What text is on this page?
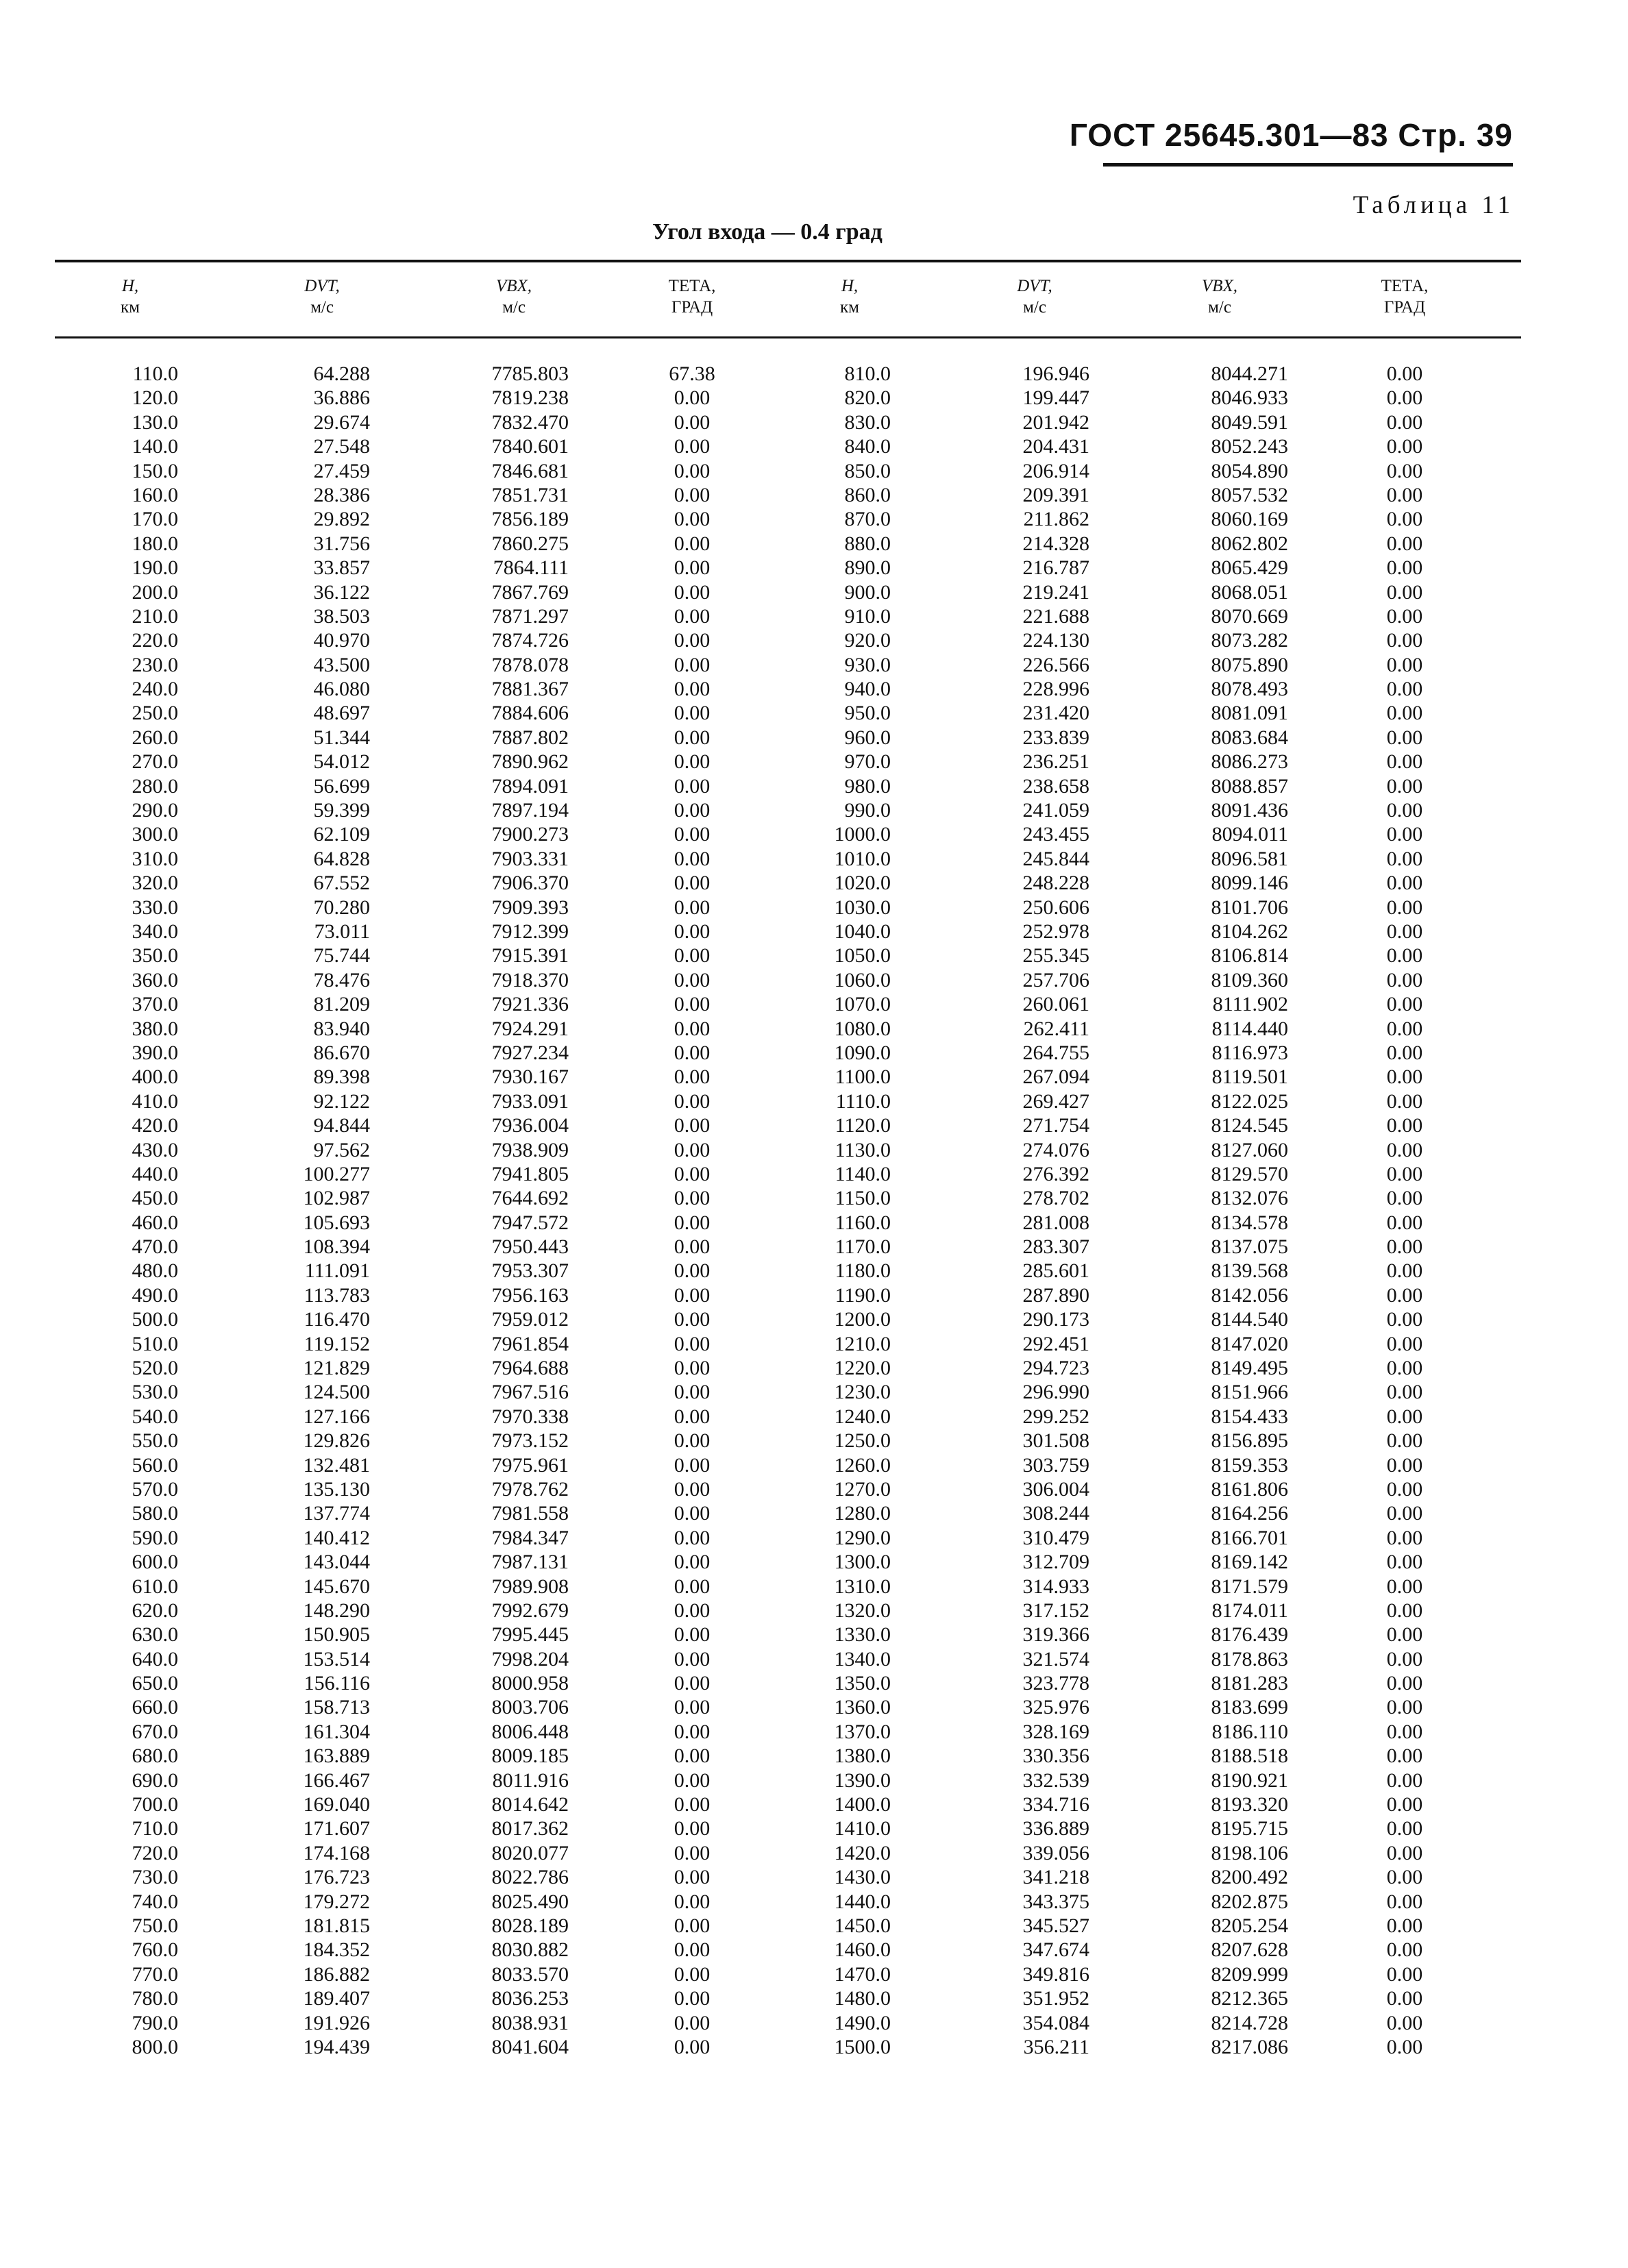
ГОСТ 25645.301—83 Стр. 39
Таблица 11
Угол входа — 0.4 град
H,
км
DVT,
м/с
VBX,
м/с
ТЕТА,
ГРАД
H,
км
DVT,
м/с
VBX,
м/с
ТЕТА,
ГРАД
110.0
120.0
130.0
140.0
150.0
160.0
170.0
180.0
190.0
200.0
210.0
220.0
230.0
240.0
250.0
260.0
270.0
280.0
290.0
300.0
310.0
320.0
330.0
340.0
350.0
360.0
370.0
380.0
390.0
400.0
410.0
420.0
430.0
440.0
450.0
460.0
470.0
480.0
490.0
500.0
510.0
520.0
530.0
540.0
550.0
560.0
570.0
580.0
590.0
600.0
610.0
620.0
630.0
640.0
650.0
660.0
670.0
680.0
690.0
700.0
710.0
720.0
730.0
740.0
750.0
760.0
770.0
780.0
790.0
800.0
64.288
36.886
29.674
27.548
27.459
28.386
29.892
31.756
33.857
36.122
38.503
40.970
43.500
46.080
48.697
51.344
54.012
56.699
59.399
62.109
64.828
67.552
70.280
73.011
75.744
78.476
81.209
83.940
86.670
89.398
92.122
94.844
97.562
100.277
102.987
105.693
108.394
111.091
113.783
116.470
119.152
121.829
124.500
127.166
129.826
132.481
135.130
137.774
140.412
143.044
145.670
148.290
150.905
153.514
156.116
158.713
161.304
163.889
166.467
169.040
171.607
174.168
176.723
179.272
181.815
184.352
186.882
189.407
191.926
194.439
7785.803
7819.238
7832.470
7840.601
7846.681
7851.731
7856.189
7860.275
7864.111
7867.769
7871.297
7874.726
7878.078
7881.367
7884.606
7887.802
7890.962
7894.091
7897.194
7900.273
7903.331
7906.370
7909.393
7912.399
7915.391
7918.370
7921.336
7924.291
7927.234
7930.167
7933.091
7936.004
7938.909
7941.805
7644.692
7947.572
7950.443
7953.307
7956.163
7959.012
7961.854
7964.688
7967.516
7970.338
7973.152
7975.961
7978.762
7981.558
7984.347
7987.131
7989.908
7992.679
7995.445
7998.204
8000.958
8003.706
8006.448
8009.185
8011.916
8014.642
8017.362
8020.077
8022.786
8025.490
8028.189
8030.882
8033.570
8036.253
8038.931
8041.604
67.38
0.00
0.00
0.00
0.00
0.00
0.00
0.00
0.00
0.00
0.00
0.00
0.00
0.00
0.00
0.00
0.00
0.00
0.00
0.00
0.00
0.00
0.00
0.00
0.00
0.00
0.00
0.00
0.00
0.00
0.00
0.00
0.00
0.00
0.00
0.00
0.00
0.00
0.00
0.00
0.00
0.00
0.00
0.00
0.00
0.00
0.00
0.00
0.00
0.00
0.00
0.00
0.00
0.00
0.00
0.00
0.00
0.00
0.00
0.00
0.00
0.00
0.00
0.00
0.00
0.00
0.00
0.00
0.00
0.00
810.0
820.0
830.0
840.0
850.0
860.0
870.0
880.0
890.0
900.0
910.0
920.0
930.0
940.0
950.0
960.0
970.0
980.0
990.0
1000.0
1010.0
1020.0
1030.0
1040.0
1050.0
1060.0
1070.0
1080.0
1090.0
1100.0
1110.0
1120.0
1130.0
1140.0
1150.0
1160.0
1170.0
1180.0
1190.0
1200.0
1210.0
1220.0
1230.0
1240.0
1250.0
1260.0
1270.0
1280.0
1290.0
1300.0
1310.0
1320.0
1330.0
1340.0
1350.0
1360.0
1370.0
1380.0
1390.0
1400.0
1410.0
1420.0
1430.0
1440.0
1450.0
1460.0
1470.0
1480.0
1490.0
1500.0
196.946
199.447
201.942
204.431
206.914
209.391
211.862
214.328
216.787
219.241
221.688
224.130
226.566
228.996
231.420
233.839
236.251
238.658
241.059
243.455
245.844
248.228
250.606
252.978
255.345
257.706
260.061
262.411
264.755
267.094
269.427
271.754
274.076
276.392
278.702
281.008
283.307
285.601
287.890
290.173
292.451
294.723
296.990
299.252
301.508
303.759
306.004
308.244
310.479
312.709
314.933
317.152
319.366
321.574
323.778
325.976
328.169
330.356
332.539
334.716
336.889
339.056
341.218
343.375
345.527
347.674
349.816
351.952
354.084
356.211
8044.271
8046.933
8049.591
8052.243
8054.890
8057.532
8060.169
8062.802
8065.429
8068.051
8070.669
8073.282
8075.890
8078.493
8081.091
8083.684
8086.273
8088.857
8091.436
8094.011
8096.581
8099.146
8101.706
8104.262
8106.814
8109.360
8111.902
8114.440
8116.973
8119.501
8122.025
8124.545
8127.060
8129.570
8132.076
8134.578
8137.075
8139.568
8142.056
8144.540
8147.020
8149.495
8151.966
8154.433
8156.895
8159.353
8161.806
8164.256
8166.701
8169.142
8171.579
8174.011
8176.439
8178.863
8181.283
8183.699
8186.110
8188.518
8190.921
8193.320
8195.715
8198.106
8200.492
8202.875
8205.254
8207.628
8209.999
8212.365
8214.728
8217.086
0.00
0.00
0.00
0.00
0.00
0.00
0.00
0.00
0.00
0.00
0.00
0.00
0.00
0.00
0.00
0.00
0.00
0.00
0.00
0.00
0.00
0.00
0.00
0.00
0.00
0.00
0.00
0.00
0.00
0.00
0.00
0.00
0.00
0.00
0.00
0.00
0.00
0.00
0.00
0.00
0.00
0.00
0.00
0.00
0.00
0.00
0.00
0.00
0.00
0.00
0.00
0.00
0.00
0.00
0.00
0.00
0.00
0.00
0.00
0.00
0.00
0.00
0.00
0.00
0.00
0.00
0.00
0.00
0.00
0.00
